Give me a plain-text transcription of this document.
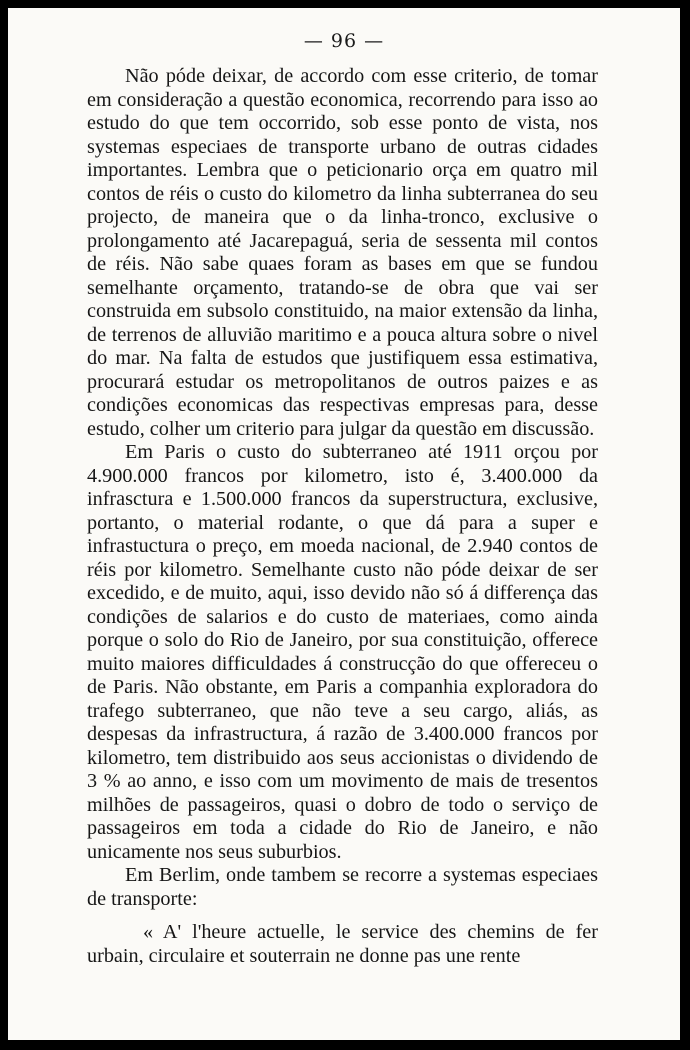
— 96 —

Não póde deixar, de accordo com esse criterio, de tomar em consideração a questão economica, recorrendo para isso ao estudo do que tem occorrido, sob esse ponto de vista, nos systemas especiaes de transporte urbano de outras cidades importantes. Lembra que o peticionario orça em quatro mil contos de réis o custo do kilometro da linha subterranea do seu projecto, de maneira que o da linha-tronco, exclusive o prolongamento até Jacarepaguá, seria de sessenta mil contos de réis. Não sabe quaes foram as bases em que se fundou semelhante orçamento, tratando-se de obra que vai ser construida em subsolo constituido, na maior extensão da linha, de terrenos de alluvião maritimo e a pouca altura sobre o nivel do mar. Na falta de estudos que justifiquem essa estimativa, procurará estudar os metropolitanos de outros paizes e as condições economicas das respectivas empresas para, desse estudo, colher um criterio para julgar da questão em discussão.

Em Paris o custo do subterraneo até 1911 orçou por 4.900.000 francos por kilometro, isto é, 3.400.000 da infrasctura e 1.500.000 francos da superstructura, exclusive, portanto, o material rodante, o que dá para a super e infrastuctura o preço, em moeda nacional, de 2.940 contos de réis por kilometro. Semelhante custo não póde deixar de ser excedido, e de muito, aqui, isso devido não só á differença das condições de salarios e do custo de materiaes, como ainda porque o solo do Rio de Janeiro, por sua constituição, offerece muito maiores difficuldades á construcção do que offereceu o de Paris. Não obstante, em Paris a companhia exploradora do trafego subterraneo, que não teve a seu cargo, aliás, as despesas da infrastructura, á razão de 3.400.000 francos por kilometro, tem distribuido aos seus accionistas o dividendo de 3 % ao anno, e isso com um movimento de mais de tresentos milhões de passageiros, quasi o dobro de todo o serviço de passageiros em toda a cidade do Rio de Janeiro, e não unicamente nos seus suburbios.

Em Berlim, onde tambem se recorre a systemas especiaes de transporte:

« A' l'heure actuelle, le service des chemins de fer urbain, circulaire et souterrain ne donne pas une rente
